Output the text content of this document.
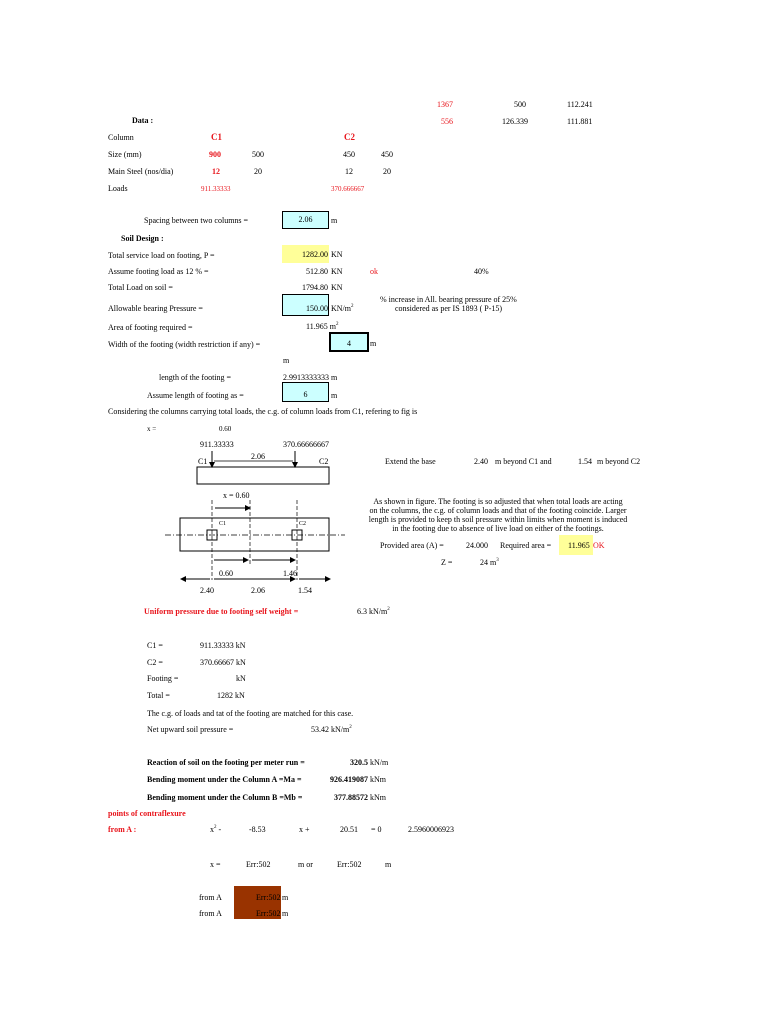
1367	500	112.241
556	126.339	111.881
Data :
Column	C1	C2
Size (mm)	900	500	450	450
Main Steel (nos/dia)	12	20	12	20
Loads	911.33333	370.666667
Spacing between two columns =	2.06	m
Soil Design :
Total service load on footing, P =	1282.00 KN
Assume footing load as 12 % =	512.80 KN	ok	40%
Total Load on soil =	1794.80 KN
Allowable bearing Pressure =	150.00 $KN/m^2$
% increase in All. bearing pressure of 25%
considered as per IS 1893 ( P-15)
Area of footing required =	11.965 $m^2$
Width of the footing (width restriction if any) =	4	m
m
length of the footing =	2.9913333333 m
Assume length of footing as =	6	m
Considering the columns carrying total loads, the c.g. of column loads from C1, refering to fig is
x =	0.60
911.33333	370.66666667
2.06
C1	C2	Extend the base	2.40 m beyond C1 and	1.54 m beyond C2
x = 0.60
C1	C2
0.60	1.46
2.40	2.06	1.54
As shown in figure. The footing is so adjusted that when total loads are acting
on the columns, the c.g. of column loads and that of the footing coincide. Larger
length is provided to keep th soil pressure within limits when moment is induced
in the footing due to absence of live load on either of the footings.
Provided area (A) =	24.000 Required area = 11.965 OK
Z =	24 $m^3$
Uniform pressure due to footing self weight =	6.3 $kN/m^2$
C1 =	911.33333 kN
C2 =	370.66667 kN
Footing =	kN
Total =	1282 kN
The c.g. of loads and tat of the footing are matched for this case.
Net upward soil pressure =	53.42 $kN/m^2$
Reaction of soil on the footing per meter run =	320.5 kN/m
Bending moment under the Column A =Ma =	926.419087 kNm
Bending moment under the Column B =Mb =	377.88572 kNm
points of contraflexure
from A :	$x^2$ -	-8.53	x +	20.51 = 0	2.5960006923
x =	Err:502	m or	Err:502	m
from A	Err:502 m
from A	Err:502 m
